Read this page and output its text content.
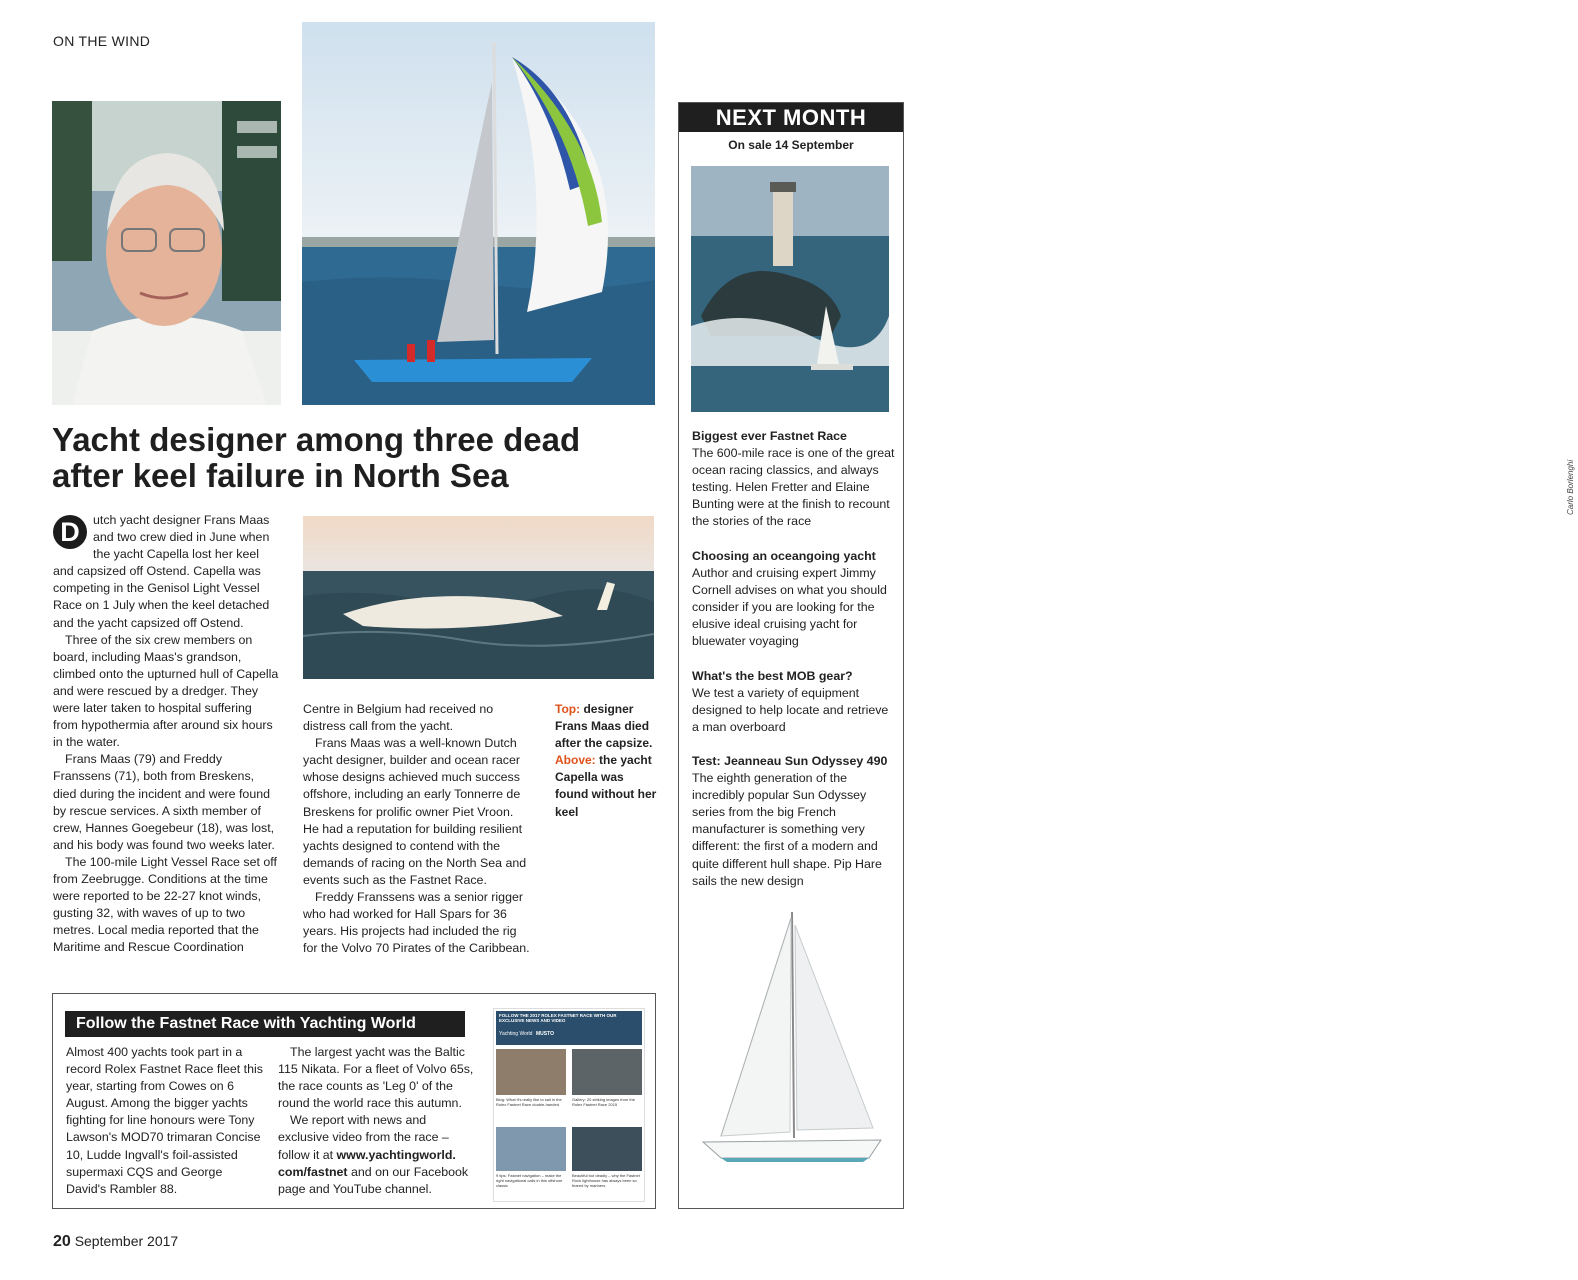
ON THE WIND
Yacht designer among three dead after keel failure in North Sea

D	utch yacht designer Frans Maas and two crew died in June when the yacht Capella lost her keel and capsized off Ostend. Capella was competing in the Genisol Light Vessel Race on 1 July when the keel detached and the yacht capsized off Ostend.

Three of the six crew members on board, including Maas's grandson, climbed onto the upturned hull of Capella and were rescued by a dredger. They were later taken to hospital suffering from hypothermia after around six hours in the water.

Frans Maas (79) and Freddy Franssens (71), both from Breskens, died during the incident and were found by rescue services. A sixth member of crew, Hannes Goegebeur (18), was lost, and his body was found two weeks later.

The 100-mile Light Vessel Race set off from Zeebrugge. Conditions at the time were reported to be 22-27 knot winds, gusting 32, with waves of up to two metres. Local media reported that the Maritime and Rescue Coordination

Centre in Belgium had received no distress call from the yacht.

Frans Maas was a well-known Dutch yacht designer, builder and ocean racer whose designs achieved much success offshore, including an early Tonnerre de Breskens for prolific owner Piet Vroon. He had a reputation for building resilient yachts designed to contend with the demands of racing on the North Sea and events such as the Fastnet Race.

Freddy Franssens was a senior rigger who had worked for Hall Spars for 36 years. His projects had included the rig for the Volvo 70 Pirates of the Caribbean.

Top: designer Frans Maas died after the capsize. Above: the yacht Capella was found without her keel
NEXT MONTH
On sale 14 September
Carlo Borlenghi
Biggest ever Fastnet Race
The 600-mile race is one of the great ocean racing classics, and always testing. Helen Fretter and Elaine Bunting were at the finish to recount the stories of the race
Choosing an oceangoing yacht
Author and cruising expert Jimmy Cornell advises on what you should consider if you are looking for the elusive ideal cruising yacht for bluewater voyaging
What's the best MOB gear?
We test a variety of equipment designed to help locate and retrieve a man overboard
Test: Jeanneau Sun Odyssey 490
The eighth generation of the incredibly popular Sun Odyssey series from the big French manufacturer is something very different: the first of a modern and quite different hull shape. Pip Hare sails the new design
Follow the Fastnet Race with Yachting World
Almost 400 yachts took part in a record Rolex Fastnet Race fleet this year, starting from Cowes on 6 August. Among the bigger yachts fighting for line honours were Tony Lawson's MOD70 trimaran Concise 10, Ludde Ingvall's foil-assisted supermaxi CQS and George David's Rambler 88.
The largest yacht was the Baltic 115 Nikata. For a fleet of Volvo 65s, the race counts as 'Leg 0' of the round the world race this autumn.
We report with news and exclusive video from the race – follow it at www.yachtingworld. com/fastnet and on our Facebook page and YouTube channel.
FOLLOW THE 2017 ROLEX FASTNET RACE WITH OUR EXCLUSIVE NEWS AND VIDEO
Yachting World MUSTO
Blog: What it's really like to sail in the Rolex Fastnet Race double-handed
Gallery: 20 striking images from the Rolex Fastnet Race 2015
9 tips: Fastnet navigation – make the right navigational calls in this offshore classic
Beautiful but deadly – why the Fastnet Rock lighthouse has always been so feared by mariners
20 September 2017
